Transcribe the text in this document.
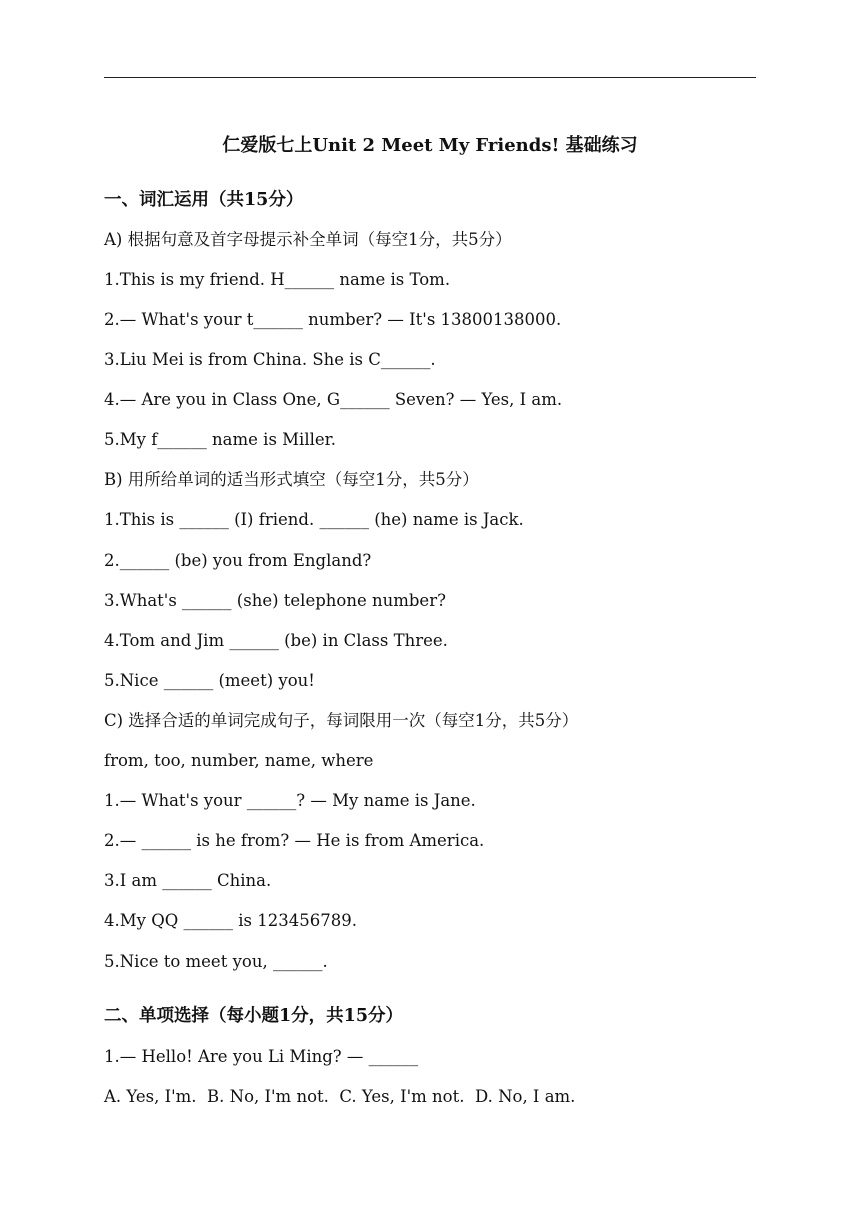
仁爱版七上Unit 2 Meet My Friends! 基础练习
一、词汇运用（共15分）
A) 根据句意及首字母提示补全单词（每空1分，共5分）
1.This is my friend. H______ name is Tom.
2.— What's your t______ number? — It's 13800138000.
3.Liu Mei is from China. She is C______.
4.— Are you in Class One, G______ Seven? — Yes, I am.
5.My f______ name is Miller.
B) 用所给单词的适当形式填空（每空1分，共5分）
1.This is ______ (I) friend. ______ (he) name is Jack.
2.______ (be) you from England?
3.What's ______ (she) telephone number?
4.Tom and Jim ______ (be) in Class Three.
5.Nice ______ (meet) you!
C) 选择合适的单词完成句子，每词限用一次（每空1分，共5分）
from, too, number, name, where
1.— What's your ______? — My name is Jane.
2.— ______ is he from? — He is from America.
3.I am ______ China.
4.My QQ ______ is 123456789.
5.Nice to meet you, ______.
二、单项选择（每小题1分，共15分）
1.— Hello! Are you Li Ming? — ______
A. Yes, I'm.  B. No, I'm not.  C. Yes, I'm not.  D. No, I am.
